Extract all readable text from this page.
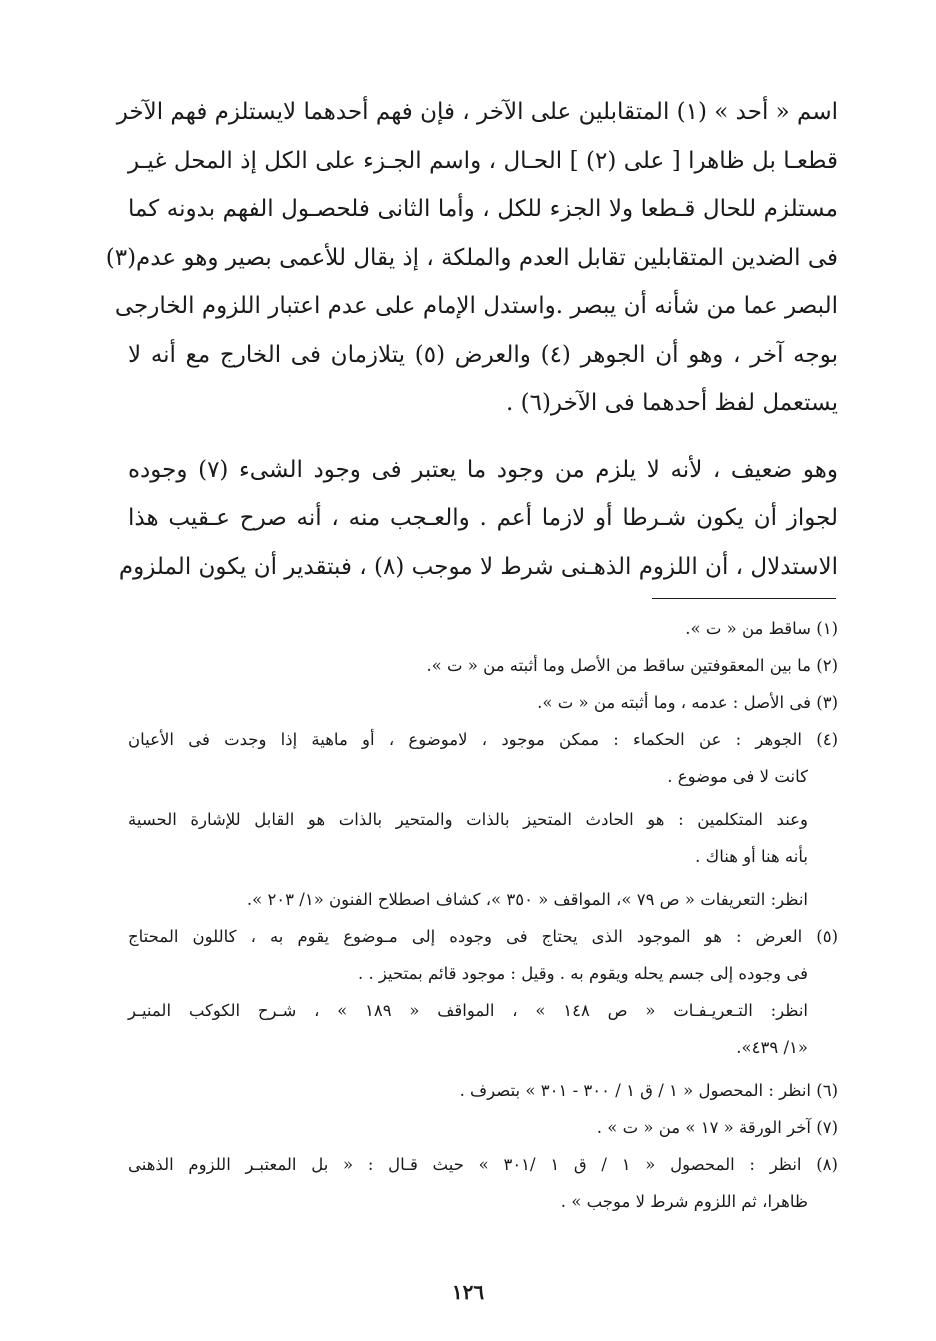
اسم « أحد » (١) المتقابلين على الآخر ، فإن فهم أحدهما لايستلزم فهم الآخر
قطعـا بل ظاهرا [ على (٢) ] الحـال ، واسم الجـزء على الكل إذ المحل غيـر
مستلزم للحال قـطعا ولا الجزء للكل ، وأما الثانى فلحصـول الفهم بدونه كما
فى الضدين المتقابلين تقابل العدم والملكة ، إذ يقال للأعمى بصير وهو عدم(٣)
البصر عما من شأنه أن يبصر .واستدل الإمام على عدم اعتبار اللزوم الخارجى
بوجه آخر ، وهو أن الجوهر (٤) والعرض (٥) يتلازمان فى الخارج مع أنه لا
يستعمل لفظ أحدهما فى الآخر(٦) .

وهو ضعيف ، لأنه لا يلزم من وجود ما يعتبر فى وجود الشىء (٧) وجوده
لجواز أن يكون شـرطا أو لازما أعم . والعـجب منه ، أنه صرح عـقيب هذا
الاستدلال ، أن اللزوم الذهـنى شرط لا موجب (٨) ، فبتقدير أن يكون الملزوم

(١) ساقط من « ت ».

(٢) ما بين المعقوفتين ساقط من الأصل وما أثبته من « ت ».

(٣) فى الأصل : عدمه ، وما أثبته من « ت ».

(٤) الجوهر : عن الحكماء : ممكن موجود ، لاموضوع ، أو ماهية إذا وجدت فى الأعيان
كانت لا فى موضوع .

وعند المتكلمين : هو الحادث المتحيز بالذات والمتحير بالذات هو القابل للإشارة الحسية
بأنه هنا أو هناك .

انظر: التعريفات « ص ٧٩ »، المواقف « ٣٥٠ »، كشاف اصطلاح الفنون «١/ ٢٠٣ ».

(٥) العرض : هو الموجود الذى يحتاج فى وجوده إلى مـوضوع يقوم به ، كاللون المحتاج
فى وجوده إلى جسم يحله ويقوم به . وقيل : موجود قائم بمتحيز . .

انظر: التـعريـفـات « ص ١٤٨ » ، المواقف « ١٨٩ » ، شـرح الكوكب المنيـر
«١/ ٤٣٩».

(٦) انظر : المحصول « ١ / ق ١ / ٣٠٠ - ٣٠١ » بتصرف .

(٧) آخر الورقة « ١٧ » من « ت » .

(٨) انظر : المحصول « ١ / ق ١ /٣٠١ » حيث قـال : « بل المعتبـر اللزوم الذهنى
ظاهرا، ثم اللزوم شرط لا موجب » .

١٢٦
